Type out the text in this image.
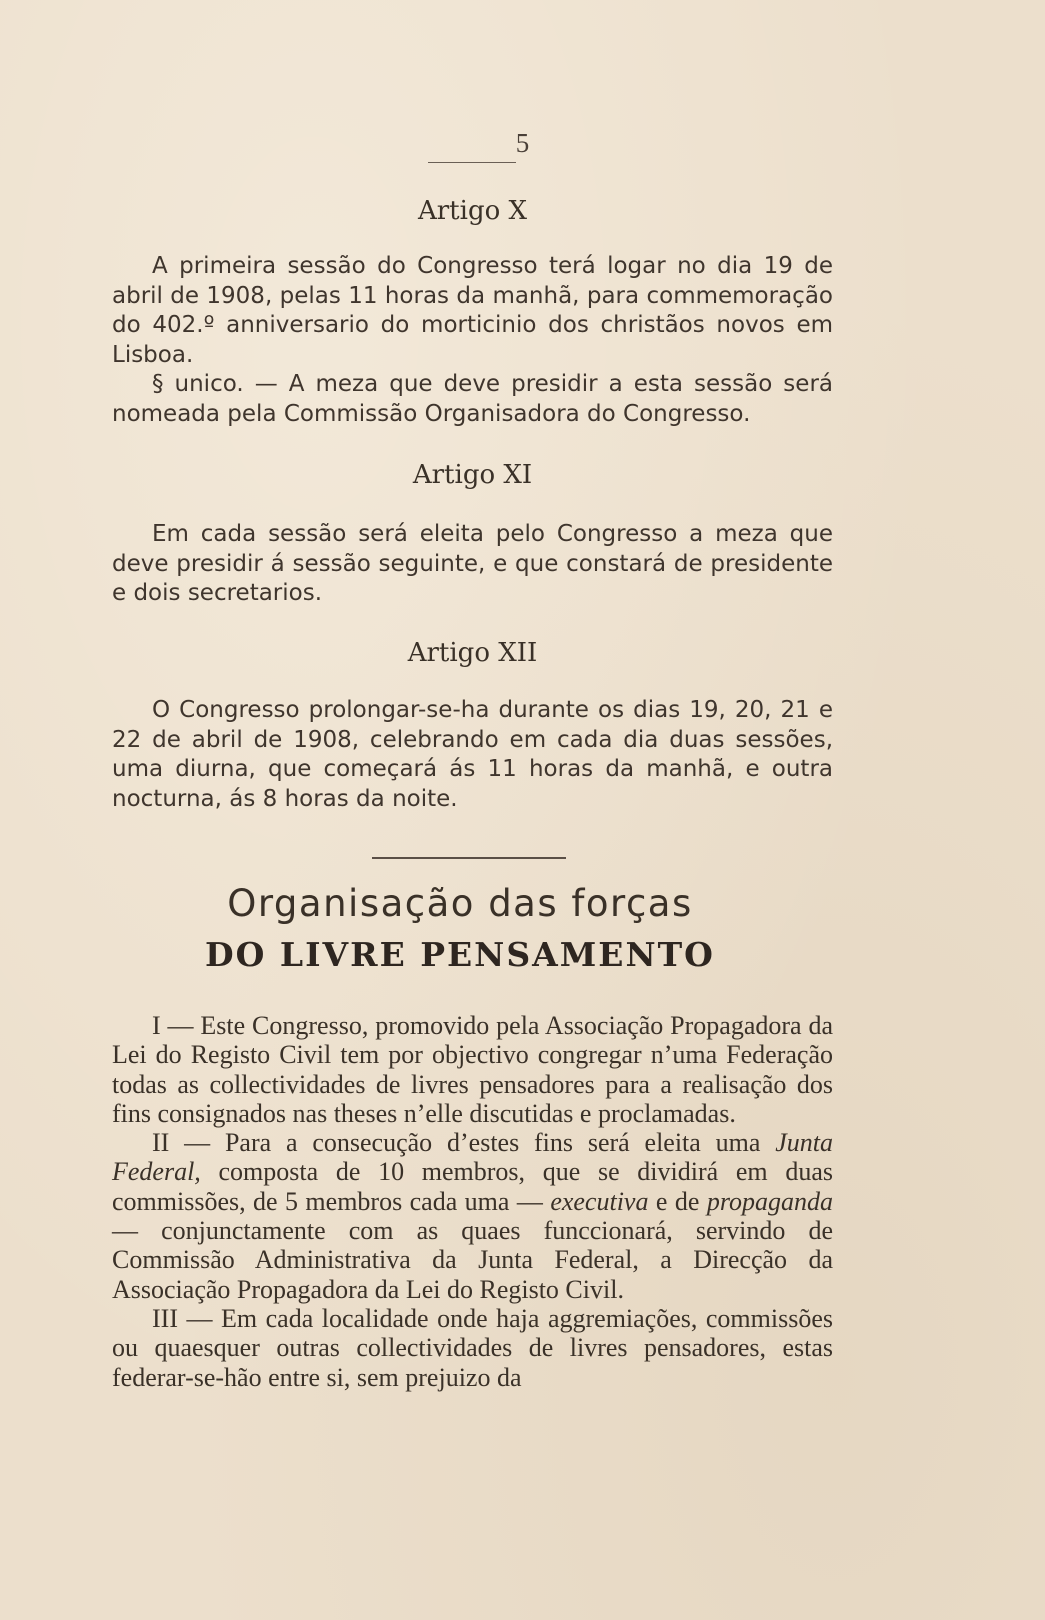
5
Artigo X

A primeira sessão do Congresso terá logar no dia 19 de abril de 1908, pelas 11 horas da manhã, para commemoração do 402.º anniversario do morticinio dos christãos novos em Lisboa.

§ unico. — A meza que deve presidir a esta sessão será nomeada pela Commissão Organisadora do Congresso.

Artigo XI

Em cada sessão será eleita pelo Congresso a meza que deve presidir á sessão seguinte, e que constará de presidente e dois secretarios.

Artigo XII

O Congresso prolongar-se-ha durante os dias 19, 20, 21 e 22 de abril de 1908, celebrando em cada dia duas sessões, uma diurna, que começará ás 11 horas da manhã, e outra nocturna, ás 8 horas da noite.

Organisação das forças
DO LIVRE PENSAMENTO

I — Este Congresso, promovido pela Associação Propagadora da Lei do Registo Civil tem por objectivo congregar n’uma Federação todas as collectividades de livres pensadores para a realisação dos fins consignados nas theses n’elle discutidas e proclamadas.

II — Para a consecução d’estes fins será eleita uma Junta Federal, composta de 10 membros, que se dividirá em duas commissões, de 5 membros cada uma — executiva e de propaganda — conjunctamente com as quaes funccionará, servindo de Commissão Administrativa da Junta Federal, a Direcção da Associação Propagadora da Lei do Registo Civil.

III — Em cada localidade onde haja aggremiações, commissões ou quaesquer outras collectividades de livres pensadores, estas federar-se-hão entre si, sem prejuizo da
